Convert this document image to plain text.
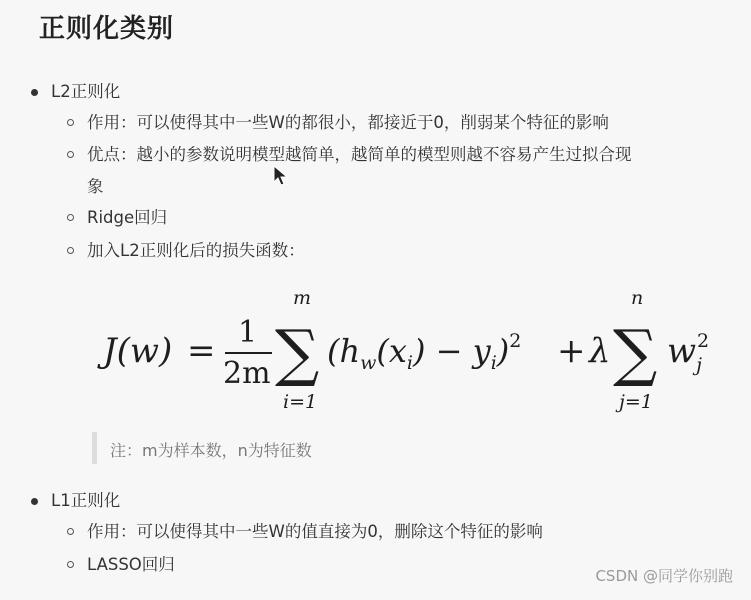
正则化类别
L2正则化
作用：可以使得其中一些W的都很小，都接近于0，削弱某个特征的影响
优点：越小的参数说明模型越简单，越简单的模型则越不容易产生过拟合现
象
Ridge回归
加入L2正则化后的损失函数：
J(w) = 1
2m
m
∑
i=1
$(h_w(x_i) - y_i)^2 + \lambda$
n
∑
j=1
$w_j2$
注：m为样本数，n为特征数
L1正则化
作用：可以使得其中一些W的值直接为0，删除这个特征的影响
LASSO回归
CSDN @同学你别跑
